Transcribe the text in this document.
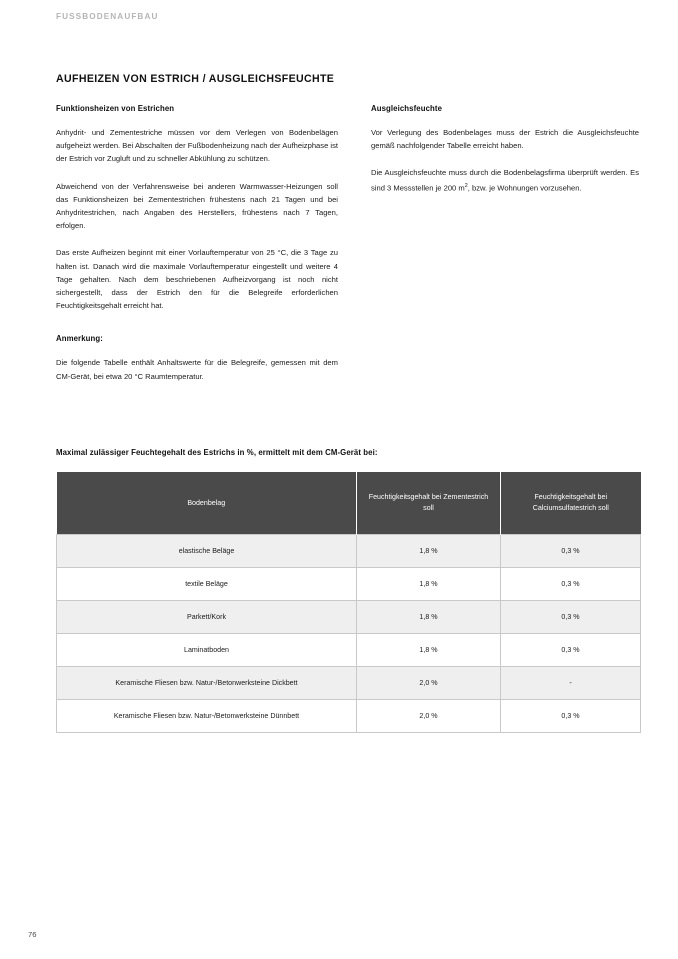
FUSSBODENAUFBAU
AUFHEIZEN VON ESTRICH / AUSGLEICHSFEUCHTE
Funktionsheizen von Estrichen

Anhydrit- und Zementestriche müssen vor dem Verlegen von Bodenbelägen aufgeheizt werden. Bei Abschalten der Fußbodenheizung nach der Aufheizphase ist der Estrich vor Zugluft und zu schneller Abkühlung zu schützen.

Abweichend von der Verfahrensweise bei anderen Warmwasser-Heizungen soll das Funktionsheizen bei Zementestrichen frühestens nach 21 Tagen und bei Anhydritestrichen, nach Angaben des Herstellers, frühestens nach 7 Tagen, erfolgen.

Das erste Aufheizen beginnt mit einer Vorlauftemperatur von 25 °C, die 3 Tage zu halten ist. Danach wird die maximale Vorlauftemperatur eingestellt und weitere 4 Tage gehalten. Nach dem beschriebenen Aufheizvorgang ist noch nicht sichergestellt, dass der Estrich den für die Belegreife erforderlichen Feuchtigkeitsgehalt erreicht hat.

Anmerkung:

Die folgende Tabelle enthält Anhaltswerte für die Belegreife, gemessen mit dem CM-Gerät, bei etwa 20 °C Raumtemperatur.

Ausgleichsfeuchte

Vor Verlegung des Bodenbelages muss der Estrich die Ausgleichsfeuchte gemäß nachfolgender Tabelle erreicht haben.

Die Ausgleichsfeuchte muss durch die Bodenbelagsfirma überprüft werden. Es sind 3 Messstellen je 200 $m^2$, bzw. je Wohnungen vorzusehen.

Maximal zulässiger Feuchtegehalt des Estrichs in %, ermittelt mit dem CM-Gerät bei:
Bodenbelag	Feuchtigkeitsgehalt bei Zementestrich soll	Feuchtigkeitsgehalt bei Calciumsulfatestrich soll
elastische Beläge	1,8 %	0,3 %
textile Beläge	1,8 %	0,3 %
Parkett/Kork	1,8 %	0,3 %
Laminatboden	1,8 %	0,3 %
Keramische Fliesen bzw. Natur-/Betonwerksteine Dickbett	2,0 %	-
Keramische Fliesen bzw. Natur-/Betonwerksteine Dünnbett	2,0 %	0,3 %
76
